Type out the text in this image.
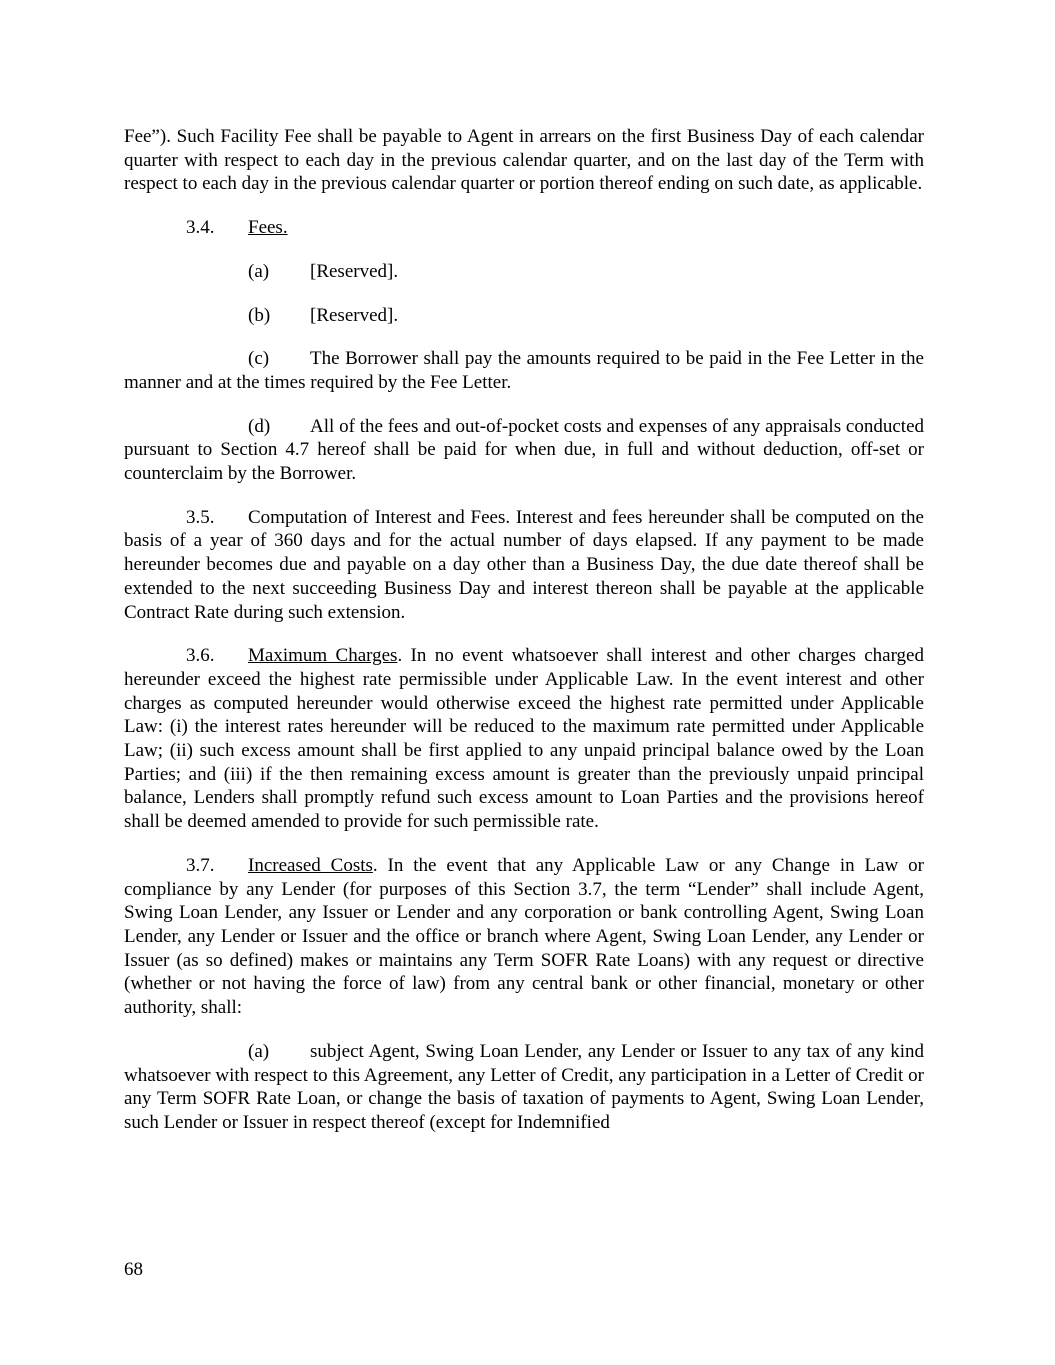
Fee”). Such Facility Fee shall be payable to Agent in arrears on the first Business Day of each calendar quarter with respect to each day in the previous calendar quarter, and on the last day of the Term with respect to each day in the previous calendar quarter or portion thereof ending on such date, as applicable.

3.4. Fees.

(a) [Reserved].

(b) [Reserved].

(c) The Borrower shall pay the amounts required to be paid in the Fee Letter in the manner and at the times required by the Fee Letter.

(d) All of the fees and out-of-pocket costs and expenses of any appraisals conducted pursuant to Section 4.7 hereof shall be paid for when due, in full and without deduction, off-set or counterclaim by the Borrower.

3.5. Computation of Interest and Fees. Interest and fees hereunder shall be computed on the basis of a year of 360 days and for the actual number of days elapsed. If any payment to be made hereunder becomes due and payable on a day other than a Business Day, the due date thereof shall be extended to the next succeeding Business Day and interest thereon shall be payable at the applicable Contract Rate during such extension.

3.6. Maximum Charges. In no event whatsoever shall interest and other charges charged hereunder exceed the highest rate permissible under Applicable Law. In the event interest and other charges as computed hereunder would otherwise exceed the highest rate permitted under Applicable Law: (i) the interest rates hereunder will be reduced to the maximum rate permitted under Applicable Law; (ii) such excess amount shall be first applied to any unpaid principal balance owed by the Loan Parties; and (iii) if the then remaining excess amount is greater than the previously unpaid principal balance, Lenders shall promptly refund such excess amount to Loan Parties and the provisions hereof shall be deemed amended to provide for such permissible rate.

3.7. Increased Costs. In the event that any Applicable Law or any Change in Law or compliance by any Lender (for purposes of this Section 3.7, the term “Lender” shall include Agent, Swing Loan Lender, any Issuer or Lender and any corporation or bank controlling Agent, Swing Loan Lender, any Lender or Issuer and the office or branch where Agent, Swing Loan Lender, any Lender or Issuer (as so defined) makes or maintains any Term SOFR Rate Loans) with any request or directive (whether or not having the force of law) from any central bank or other financial, monetary or other authority, shall:

(a) subject Agent, Swing Loan Lender, any Lender or Issuer to any tax of any kind whatsoever with respect to this Agreement, any Letter of Credit, any participation in a Letter of Credit or any Term SOFR Rate Loan, or change the basis of taxation of payments to Agent, Swing Loan Lender, such Lender or Issuer in respect thereof (except for Indemnified

68
